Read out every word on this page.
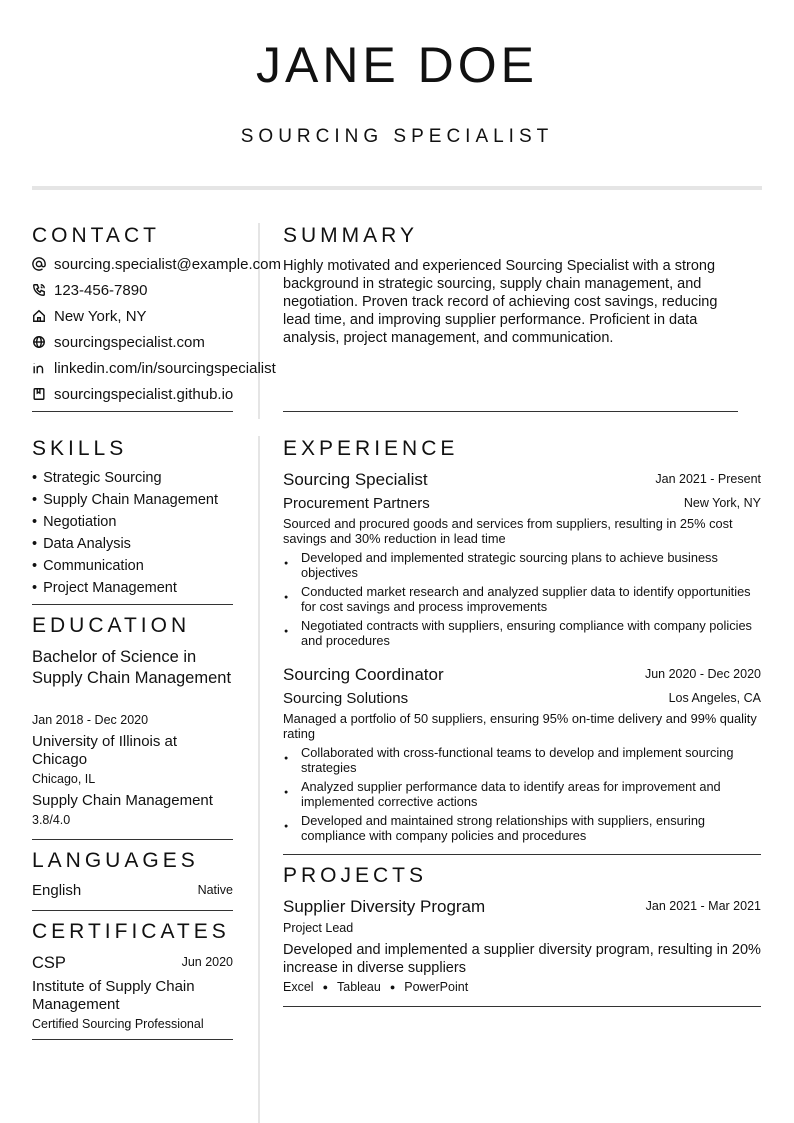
JANE DOE
SOURCING SPECIALIST
CONTACT
sourcing.specialist@example.com
123-456-7890
New York, NY
sourcingspecialist.com
linkedin.com/in/sourcingspecialist
sourcingspecialist.github.io
SUMMARY
Highly motivated and experienced Sourcing Specialist with a strong background in strategic sourcing, supply chain management, and negotiation. Proven track record of achieving cost savings, reducing lead time, and improving supplier performance. Proficient in data analysis, project management, and communication.
SKILLS
• Strategic Sourcing
• Supply Chain Management
• Negotiation
• Data Analysis
• Communication
• Project Management
EDUCATION
Bachelor of Science in Supply Chain Management
Jan 2018 - Dec 2020
University of Illinois at Chicago
Chicago, IL
Supply Chain Management
3.8/4.0
LANGUAGES
English	Native
CERTIFICATES
CSP	Jun 2020
Institute of Supply Chain Management
Certified Sourcing Professional
EXPERIENCE
Sourcing Specialist	Jan 2021 - Present
Procurement Partners	New York, NY
Sourced and procured goods and services from suppliers, resulting in 25% cost savings and 30% reduction in lead time
● Developed and implemented strategic sourcing plans to achieve business objectives
● Conducted market research and analyzed supplier data to identify opportunities for cost savings and process improvements
● Negotiated contracts with suppliers, ensuring compliance with company policies and procedures
Sourcing Coordinator	Jun 2020 - Dec 2020
Sourcing Solutions	Los Angeles, CA
Managed a portfolio of 50 suppliers, ensuring 95% on-time delivery and 99% quality rating
● Collaborated with cross-functional teams to develop and implement sourcing strategies
● Analyzed supplier performance data to identify areas for improvement and implemented corrective actions
● Developed and maintained strong relationships with suppliers, ensuring compliance with company policies and procedures
PROJECTS
Supplier Diversity Program	Jan 2021 - Mar 2021
Project Lead
Developed and implemented a supplier diversity program, resulting in 20% increase in diverse suppliers
Excel ● Tableau ● PowerPoint
